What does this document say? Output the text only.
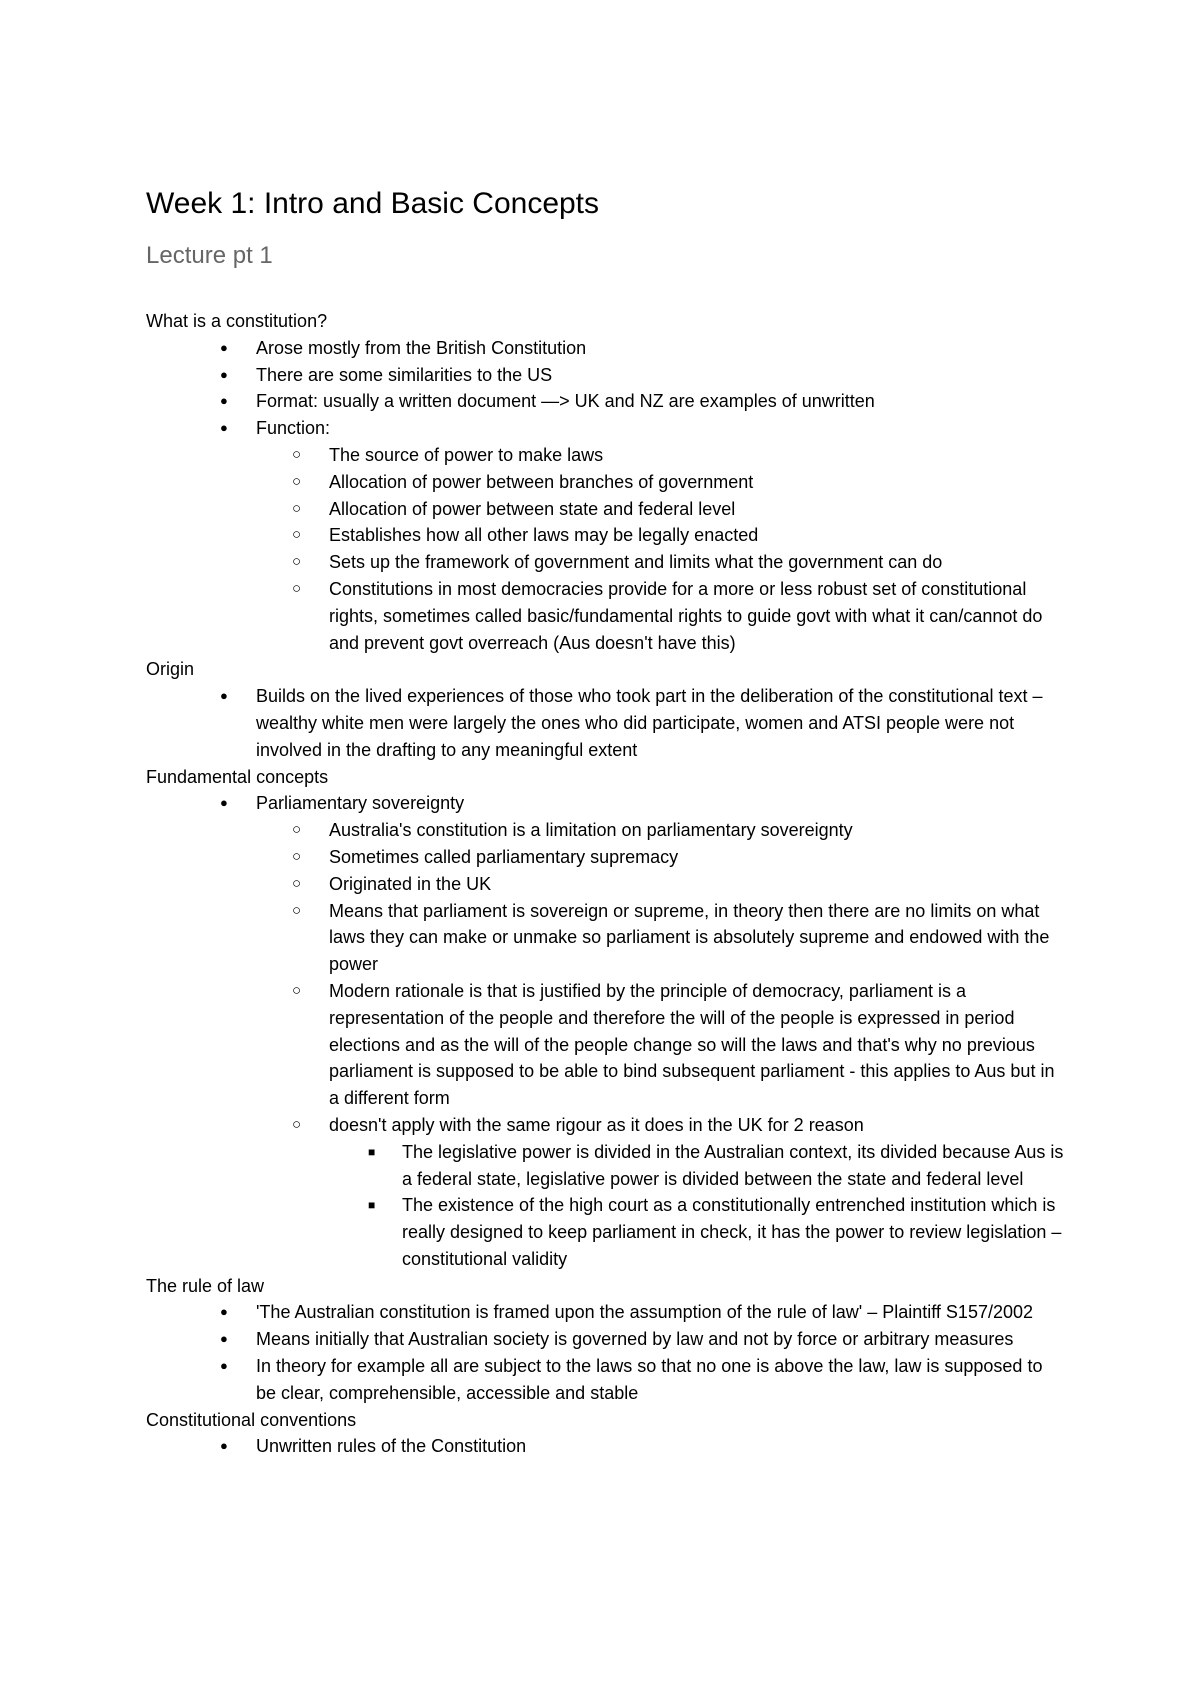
Week 1: Intro and Basic Concepts
Lecture pt 1

What is a constitution?

● Arose mostly from the British Constitution
● There are some similarities to the US
● Format: usually a written document —> UK and NZ are examples of unwritten
● Function:
○ The source of power to make laws
○ Allocation of power between branches of government
○ Allocation of power between state and federal level
○ Establishes how all other laws may be legally enacted
○ Sets up the framework of government and limits what the government can do
○ Constitutions in most democracies provide for a more or less robust set of constitutional rights, sometimes called basic/fundamental rights to guide govt with what it can/cannot do and prevent govt overreach (Aus doesn't have this)

Origin

● Builds on the lived experiences of those who took part in the deliberation of the constitutional text – wealthy white men were largely the ones who did participate, women and ATSI people were not involved in the drafting to any meaningful extent

Fundamental concepts

● Parliamentary sovereignty
○ Australia's constitution is a limitation on parliamentary sovereignty
○ Sometimes called parliamentary supremacy
○ Originated in the UK
○ Means that parliament is sovereign or supreme, in theory then there are no limits on what laws they can make or unmake so parliament is absolutely supreme and endowed with the power
○ Modern rationale is that is justified by the principle of democracy, parliament is a representation of the people and therefore the will of the people is expressed in period elections and as the will of the people change so will the laws and that's why no previous parliament is supposed to be able to bind subsequent parliament - this applies to Aus but in a different form
○ doesn't apply with the same rigour as it does in the UK for 2 reason
■ The legislative power is divided in the Australian context, its divided because Aus is a federal state, legislative power is divided between the state and federal level
■ The existence of the high court as a constitutionally entrenched institution which is really designed to keep parliament in check, it has the power to review legislation – constitutional validity

The rule of law

● 'The Australian constitution is framed upon the assumption of the rule of law' – Plaintiff S157/2002
● Means initially that Australian society is governed by law and not by force or arbitrary measures
● In theory for example all are subject to the laws so that no one is above the law, law is supposed to be clear, comprehensible, accessible and stable

Constitutional conventions

● Unwritten rules of the Constitution
